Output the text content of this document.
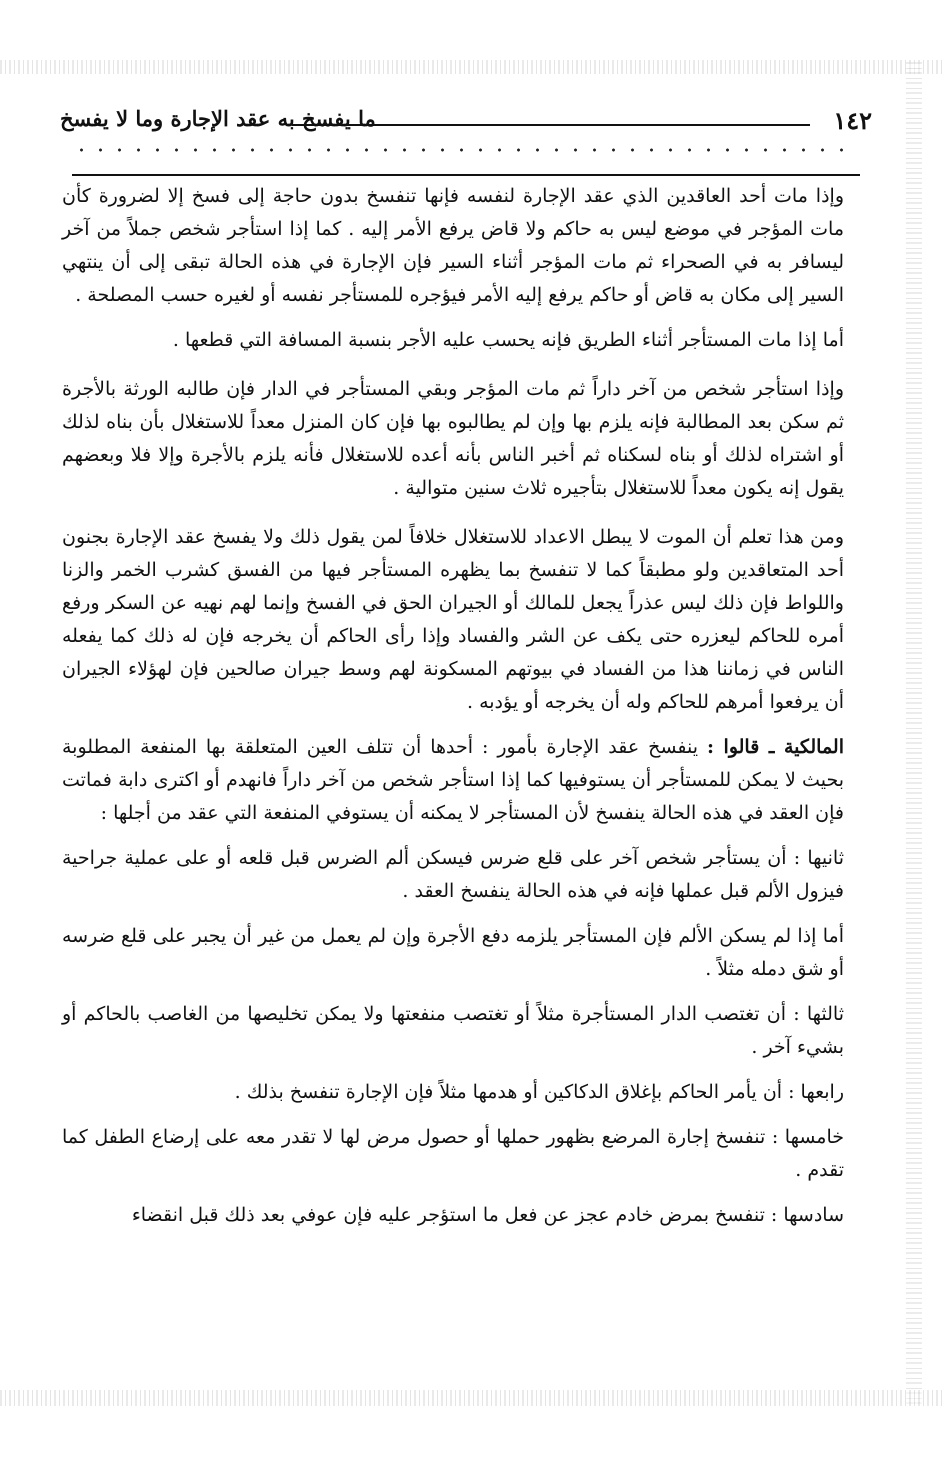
١٤٢
ما يفسخ به عقد الإجارة وما لا يفسخ

وإذا مات أحد العاقدين الذي عقد الإجارة لنفسه فإنها تنفسخ بدون حاجة إلى فسخ إلا لضرورة كأن مات المؤجر في موضع ليس به حاكم ولا قاض يرفع الأمر إليه . كما إذا استأجر شخص جملاً من آخر ليسافر به في الصحراء ثم مات المؤجر أثناء السير فإن الإجارة في هذه الحالة تبقى إلى أن ينتهي السير إلى مكان به قاض أو حاكم يرفع إليه الأمر فيؤجره للمستأجر نفسه أو لغيره حسب المصلحة .

أما إذا مات المستأجر أثناء الطريق فإنه يحسب عليه الأجر بنسبة المسافة التي قطعها .

وإذا استأجر شخص من آخر داراً ثم مات المؤجر وبقي المستأجر في الدار فإن طالبه الورثة بالأجرة ثم سكن بعد المطالبة فإنه يلزم بها وإن لم يطالبوه بها فإن كان المنزل معداً للاستغلال بأن بناه لذلك أو اشتراه لذلك أو بناه لسكناه ثم أخبر الناس بأنه أعده للاستغلال فأنه يلزم بالأجرة وإلا فلا وبعضهم يقول إنه يكون معداً للاستغلال بتأجيره ثلاث سنين متوالية .

ومن هذا تعلم أن الموت لا يبطل الاعداد للاستغلال خلافاً لمن يقول ذلك ولا يفسخ عقد الإجارة بجنون أحد المتعاقدين ولو مطبقاً كما لا تنفسخ بما يظهره المستأجر فيها من الفسق كشرب الخمر والزنا واللواط فإن ذلك ليس عذراً يجعل للمالك أو الجيران الحق في الفسخ وإنما لهم نهيه عن السكر ورفع أمره للحاكم ليعزره حتى يكف عن الشر والفساد وإذا رأى الحاكم أن يخرجه فإن له ذلك كما يفعله الناس في زماننا هذا من الفساد في بيوتهم المسكونة لهم وسط جيران صالحين فإن لهؤلاء الجيران أن يرفعوا أمرهم للحاكم وله أن يخرجه أو يؤدبه .

المالكية ـ قالوا : ينفسخ عقد الإجارة بأمور : أحدها أن تتلف العين المتعلقة بها المنفعة المطلوبة بحيث لا يمكن للمستأجر أن يستوفيها كما إذا استأجر شخص من آخر داراً فانهدم أو اكترى دابة فماتت فإن العقد في هذه الحالة ينفسخ لأن المستأجر لا يمكنه أن يستوفي المنفعة التي عقد من أجلها :

ثانيها : أن يستأجر شخص آخر على قلع ضرس فيسكن ألم الضرس قبل قلعه أو على عملية جراحية فيزول الألم قبل عملها فإنه في هذه الحالة ينفسخ العقد .

أما إذا لم يسكن الألم فإن المستأجر يلزمه دفع الأجرة وإن لم يعمل من غير أن يجبر على قلع ضرسه أو شق دمله مثلاً .

ثالثها : أن تغتصب الدار المستأجرة مثلاً أو تغتصب منفعتها ولا يمكن تخليصها من الغاصب بالحاكم أو بشيء آخر .

رابعها : أن يأمر الحاكم بإغلاق الدكاكين أو هدمها مثلاً فإن الإجارة تنفسخ بذلك .

خامسها : تنفسخ إجارة المرضع بظهور حملها أو حصول مرض لها لا تقدر معه على إرضاع الطفل كما تقدم .

سادسها : تنفسخ بمرض خادم عجز عن فعل ما استؤجر عليه فإن عوفي بعد ذلك قبل انقضاء
